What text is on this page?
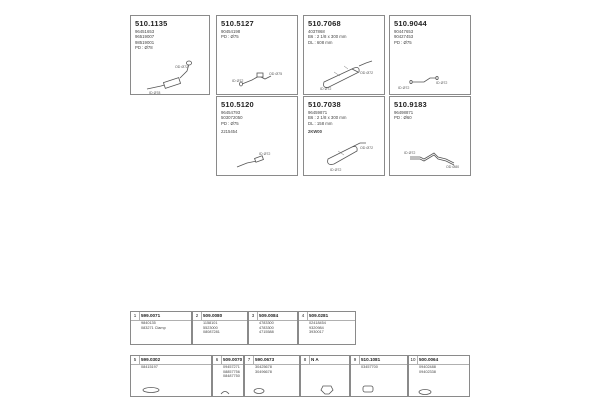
510.1135
96451653
96519007
98519001
PD : Ø78
OD Ø72
ID Ø78
510.5127
90454198
PD : Ø75
ID Ø72
OD Ø75
510.7068
4037868
B6 : 2 1/8 x 300 mm
DL : 608 mm
ID Ø72
OD Ø72
510.9044
90447653
90427453
PD : Ø75
ID Ø72
ID Ø72
510.5120
96454793
503072050
PD : Ø75
2215454
ID Ø72
510.7038
96459871
B6 : 2 1/8 x 300 mm
DL : 158 mm
2KW00
ID Ø72
OD Ø72
510.9183
96498871
PD : Ø60
ID Ø72
OD Ø80
1	599.0071
9840135
083271 Clamp
2	509.0080
1158101
5523000
08087281
3	509.0084
4783300
4783300
4715588
4	509.0281
02418454
9320984
3930017
5	599.0302
08415197
6	509.0070
09457271
08857756
08487750
7	590.0673
30425678
30496678
8	N A	9	510.1081
03457700
10 500.0064
09402488
09402338
